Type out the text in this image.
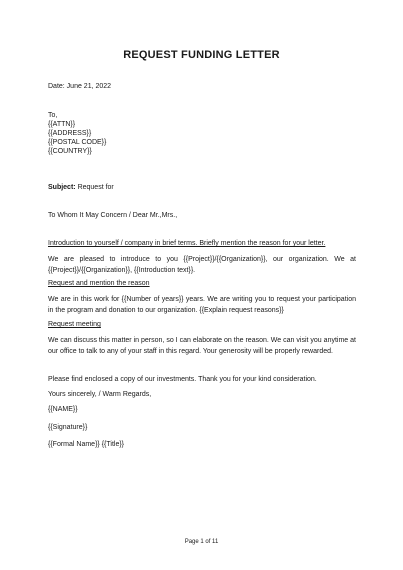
REQUEST FUNDING LETTER
Date: June 21, 2022
To,
{{ATTN}}
{{ADDRESS}}
{{POSTAL CODE}}
{{COUNTRY}}
Subject: Request for
To Whom It May Concern / Dear Mr.,Mrs.,
Introduction to yourself / company in brief terms. Briefly mention the reason for your letter.
We are pleased to introduce to you {{Project}}/{{Organization}}, our organization. We at {{Project}}/{{Organization}}, {{Introduction text}}.
Request and mention the reason
We are in this work for {{Number of years}} years. We are writing you to request your participation in the program and donation to our organization. {{Explain request reasons}}
Request meeting
We can discuss this matter in person, so I can elaborate on the reason. We can visit you anytime at our office to talk to any of your staff in this regard. Your generosity will be properly rewarded.
Please find enclosed a copy of our investments. Thank you for your kind consideration.
Yours sincerely, / Warm Regards,
{{NAME}}
{{Signature}}
{{Formal Name}} {{Title}}
Page 1 of 11
